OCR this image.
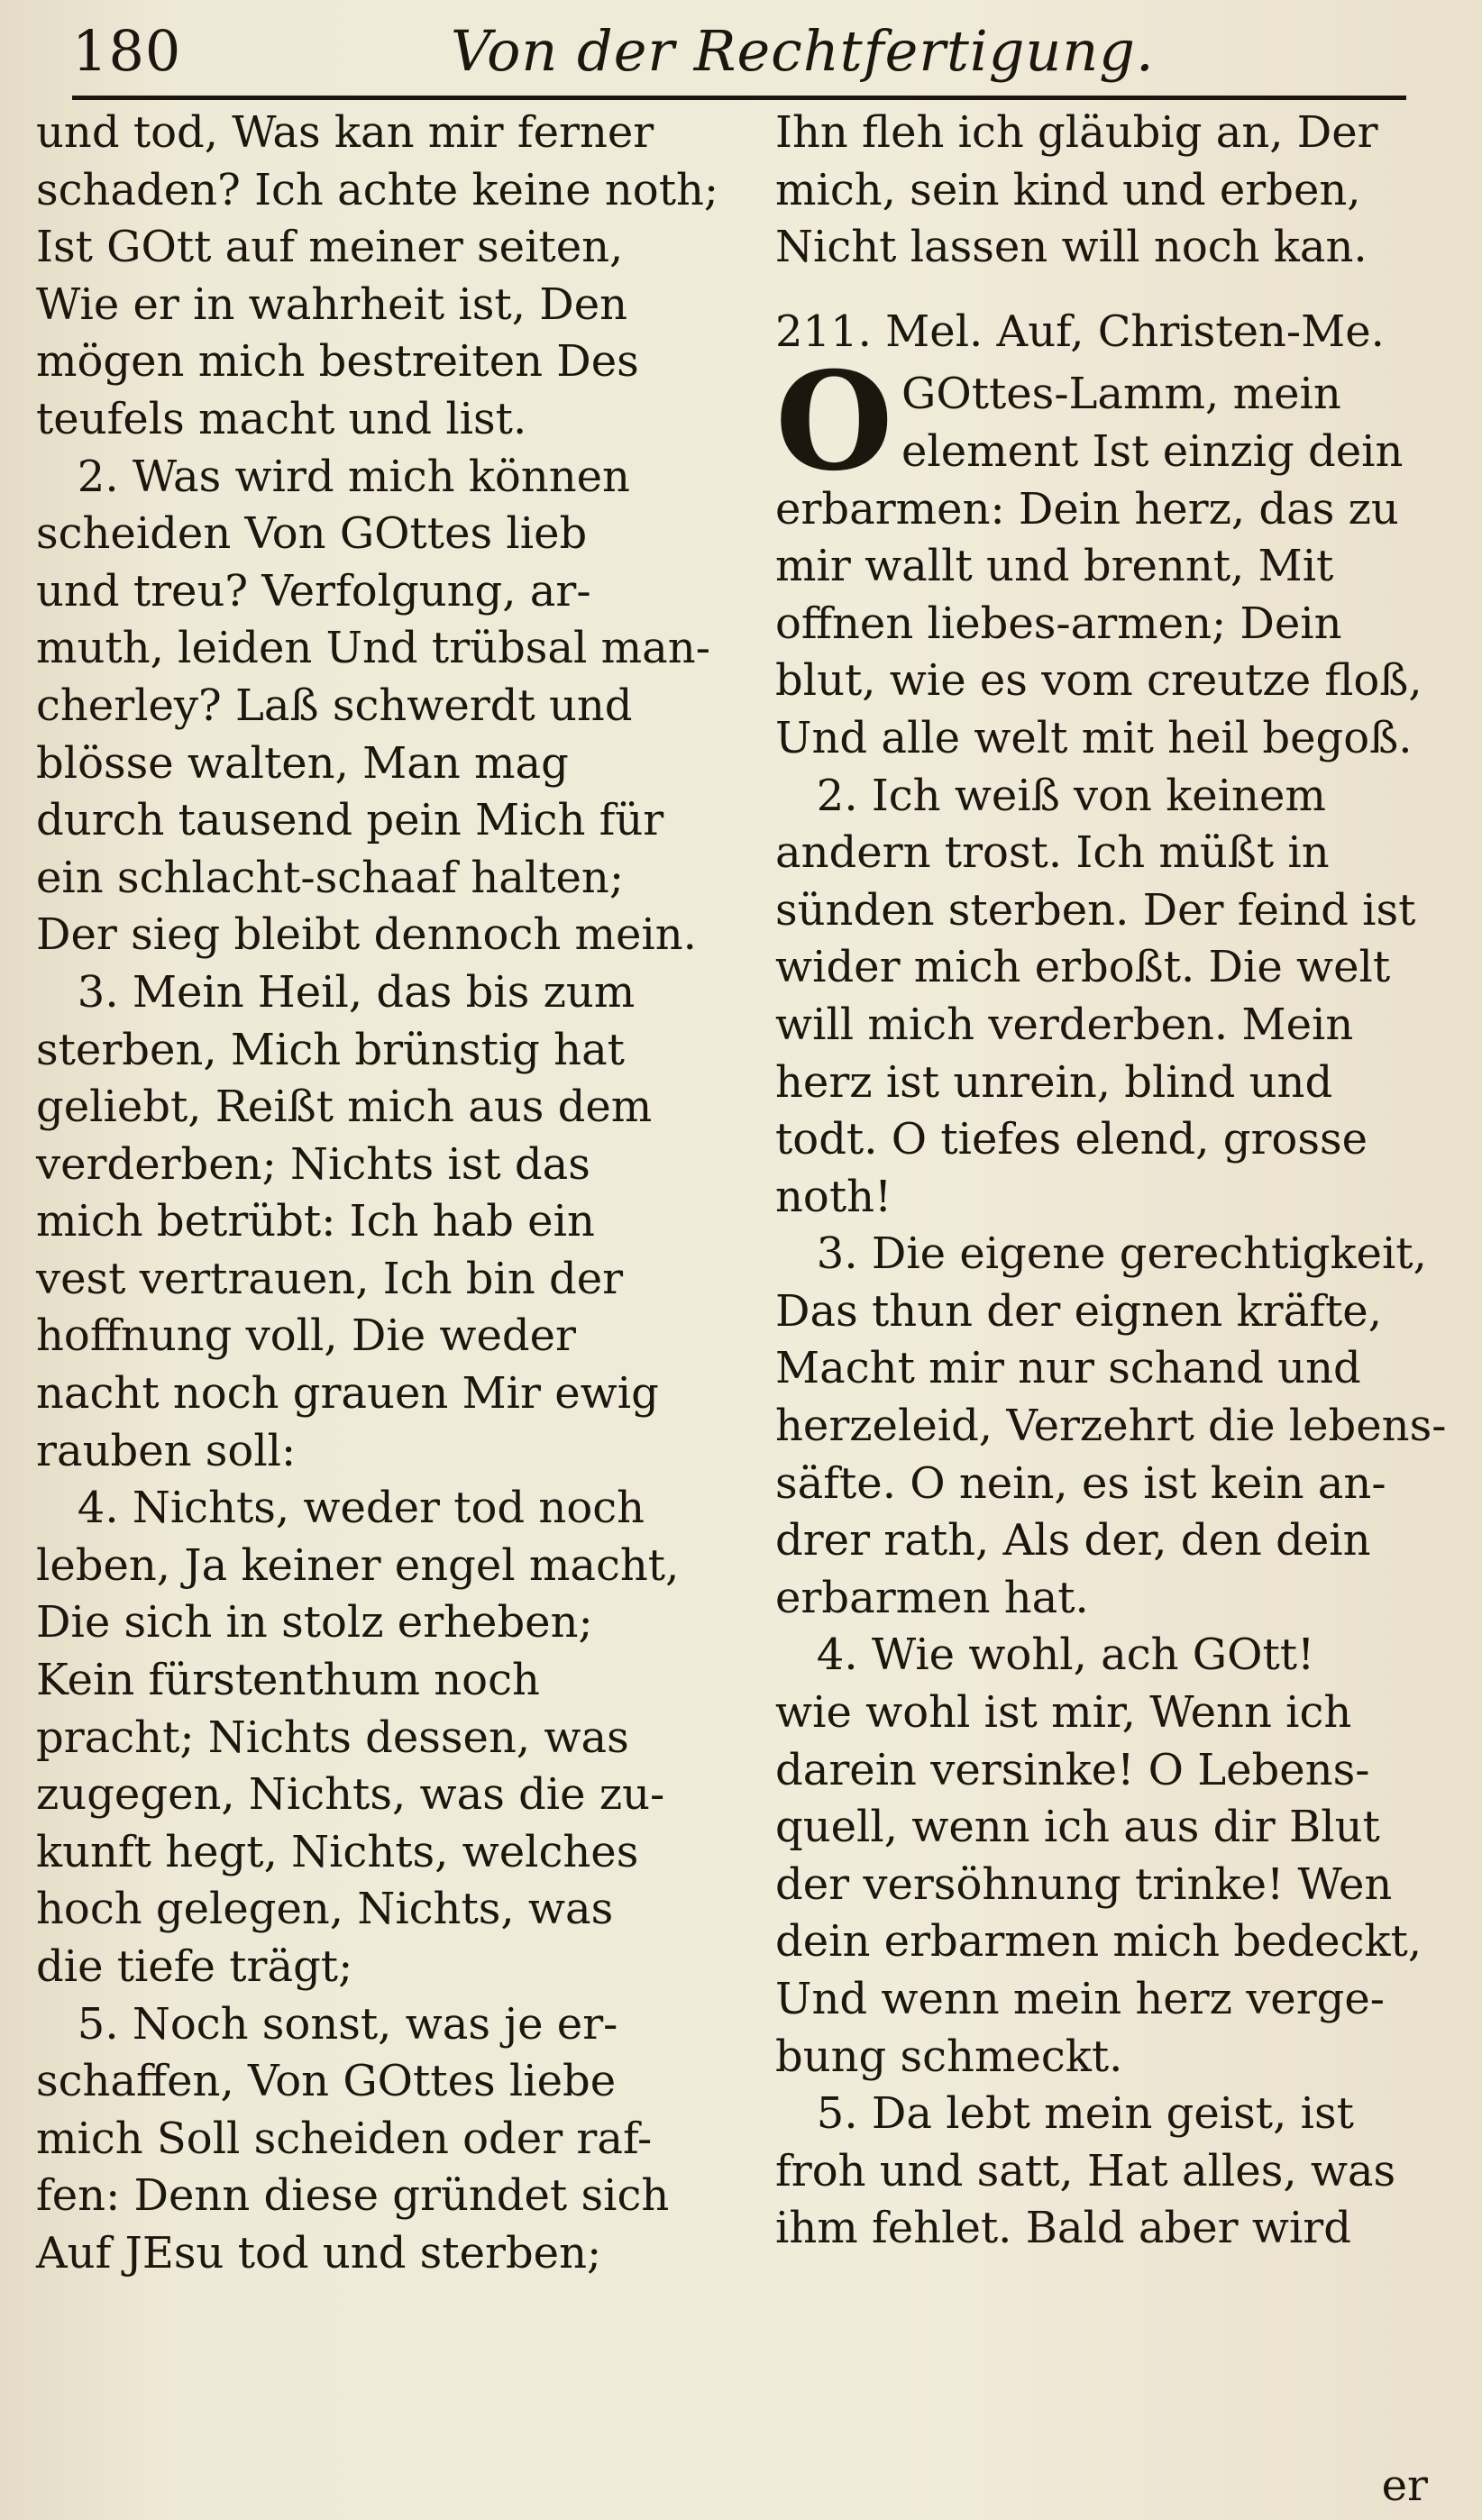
180	Von der Rechtfertigung.

und tod, Was kan mir ferner

schaden? Ich achte keine noth;

Ist GOtt auf meiner seiten,

Wie er in wahrheit ist, Den

mögen mich bestreiten Des

teufels macht und list.

2. Was wird mich können

scheiden Von GOttes lieb

und treu? Verfolgung, ar-

muth, leiden Und trübsal man-

cherley? Laß schwerdt und

blösse walten, Man mag

durch tausend pein Mich für

ein schlacht-schaaf halten;

Der sieg bleibt dennoch mein.

3. Mein Heil, das bis zum

sterben, Mich brünstig hat

geliebt, Reißt mich aus dem

verderben; Nichts ist das

mich betrübt: Ich hab ein

vest vertrauen, Ich bin der

hoffnung voll, Die weder

nacht noch grauen Mir ewig

rauben soll:

4. Nichts, weder tod noch

leben, Ja keiner engel macht,

Die sich in stolz erheben;

Kein fürstenthum noch

pracht; Nichts dessen, was

zugegen, Nichts, was die zu-

kunft hegt, Nichts, welches

hoch gelegen, Nichts, was

die tiefe trägt;

5. Noch sonst, was je er-

schaffen, Von GOttes liebe

mich Soll scheiden oder raf-

fen: Denn diese gründet sich

Auf JEsu tod und sterben;

Ihn fleh ich gläubig an, Der

mich, sein kind und erben,

Nicht lassen will noch kan.

211. Mel. Auf, Christen-Me.

O GOttes-Lamm, mein

element Ist einzig dein

erbarmen: Dein herz, das zu

mir wallt und brennt, Mit

offnen liebes-armen; Dein

blut, wie es vom creutze floß,

Und alle welt mit heil begoß.

2. Ich weiß von keinem

andern trost. Ich müßt in

sünden sterben. Der feind ist

wider mich erboßt. Die welt

will mich verderben. Mein

herz ist unrein, blind und

todt. O tiefes elend, grosse

noth!

3. Die eigene gerechtigkeit,

Das thun der eignen kräfte,

Macht mir nur schand und

herzeleid, Verzehrt die lebens-

säfte. O nein, es ist kein an-

drer rath, Als der, den dein

erbarmen hat.

4. Wie wohl, ach GOtt!

wie wohl ist mir, Wenn ich

darein versinke! O Lebens-

quell, wenn ich aus dir Blut

der versöhnung trinke! Wen

dein erbarmen mich bedeckt,

Und wenn mein herz verge-

bung schmeckt.

5. Da lebt mein geist, ist

froh und satt, Hat alles, was

ihm fehlet. Bald aber wird

er
